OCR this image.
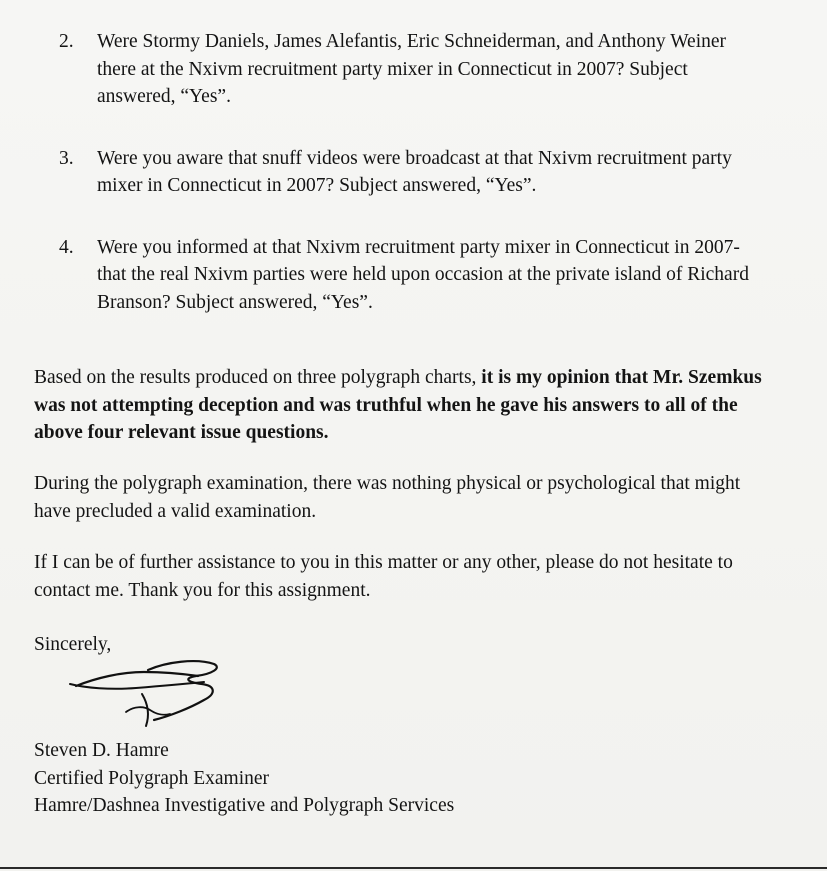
2. Were Stormy Daniels, James Alefantis, Eric Schneiderman, and Anthony Weiner
there at the Nxivm recruitment party mixer in Connecticut in 2007? Subject
answered, “Yes”.
3. Were you aware that snuff videos were broadcast at that Nxivm recruitment party
mixer in Connecticut in 2007? Subject answered, “Yes”.
4. Were you informed at that Nxivm recruitment party mixer in Connecticut in 2007-
that the real Nxivm parties were held upon occasion at the private island of Richard
Branson? Subject answered, “Yes”.
Based on the results produced on three polygraph charts, it is my opinion that Mr. Szemkus
was not attempting deception and was truthful when he gave his answers to all of the
above four relevant issue questions.
During the polygraph examination, there was nothing physical or psychological that might
have precluded a valid examination.
If I can be of further assistance to you in this matter or any other, please do not hesitate to
contact me. Thank you for this assignment.
Sincerely,
Steven D. Hamre
Certified Polygraph Examiner
Hamre/Dashnea Investigative and Polygraph Services
